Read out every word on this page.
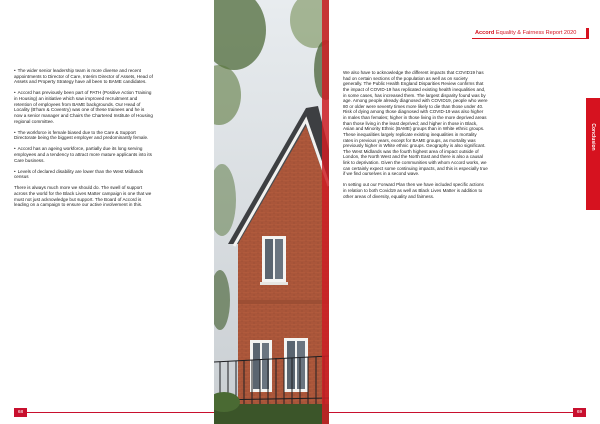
• The wider senior leadership team is more diverse and recent appointments to Director of Care, Interim Director of Assets, Head of Assets and Property Strategy have all been to BAME candidates.

• Accord has previously been part of PATH (Positive Action Training in Housing) an initiative which saw improved recruitment and retention of employees from BAME backgrounds. Our Head of Locality (B'ham & Coventry) was one of these trainees and he is now a senior manager and Chairs the Chartered Institute of Housing regional committee.

• The workforce is female biased due to the Care & Support Directorate being the biggest employer and predominantly female.

• Accord has an ageing workforce, partially due its long serving employees and a tendency to attract more mature applicants into its Care business.

• Levels of declared disability are lower than the West Midlands census

There is always much more we should do. The swell of support across the world for the Black Lives Matter campaign is one that we must not just acknowledge but support. The Board of Accord is leading on a campaign to ensure our active involvement in this.

We also have to acknowledge the different impacts that COVID19 has had on certain sections of the population as well as on society generally. The Public Health England Disparities Review confirms that the impact of COVID-19 has replicated existing health inequalities and, in some cases, has increased them. The largest disparity found was by age. Among people already diagnosed with COVID19, people who were 80 or older were seventy times more likely to die than those under 40. Risk of dying among those diagnosed with COVID-19 was also higher in males than females; higher in those living in the more deprived areas than those living in the least deprived; and higher in those in Black, Asian and Minority Ethnic (BAME) groups than in White ethnic groups. These inequalities largely replicate existing inequalities in mortality rates in previous years, except for BAME groups, as mortality was previously higher in White ethnic groups. Geography is also significant. The West Midlands was the fourth highest area of impact outside of London, the North West and the North East and there is also a causal link to deprivation. Given the communities with whom Accord works, we can certainly expect some continuing impacts, and this is especially true if we find ourselves in a second wave.

In setting out our Forward Plan then we have included specific actions in relation to both Covid19 as well as Black Lives Matter is addition to other areas of diversity, equality and fairness.

Accord Equality & Fairness Report 2020
Conclusion
68	69
